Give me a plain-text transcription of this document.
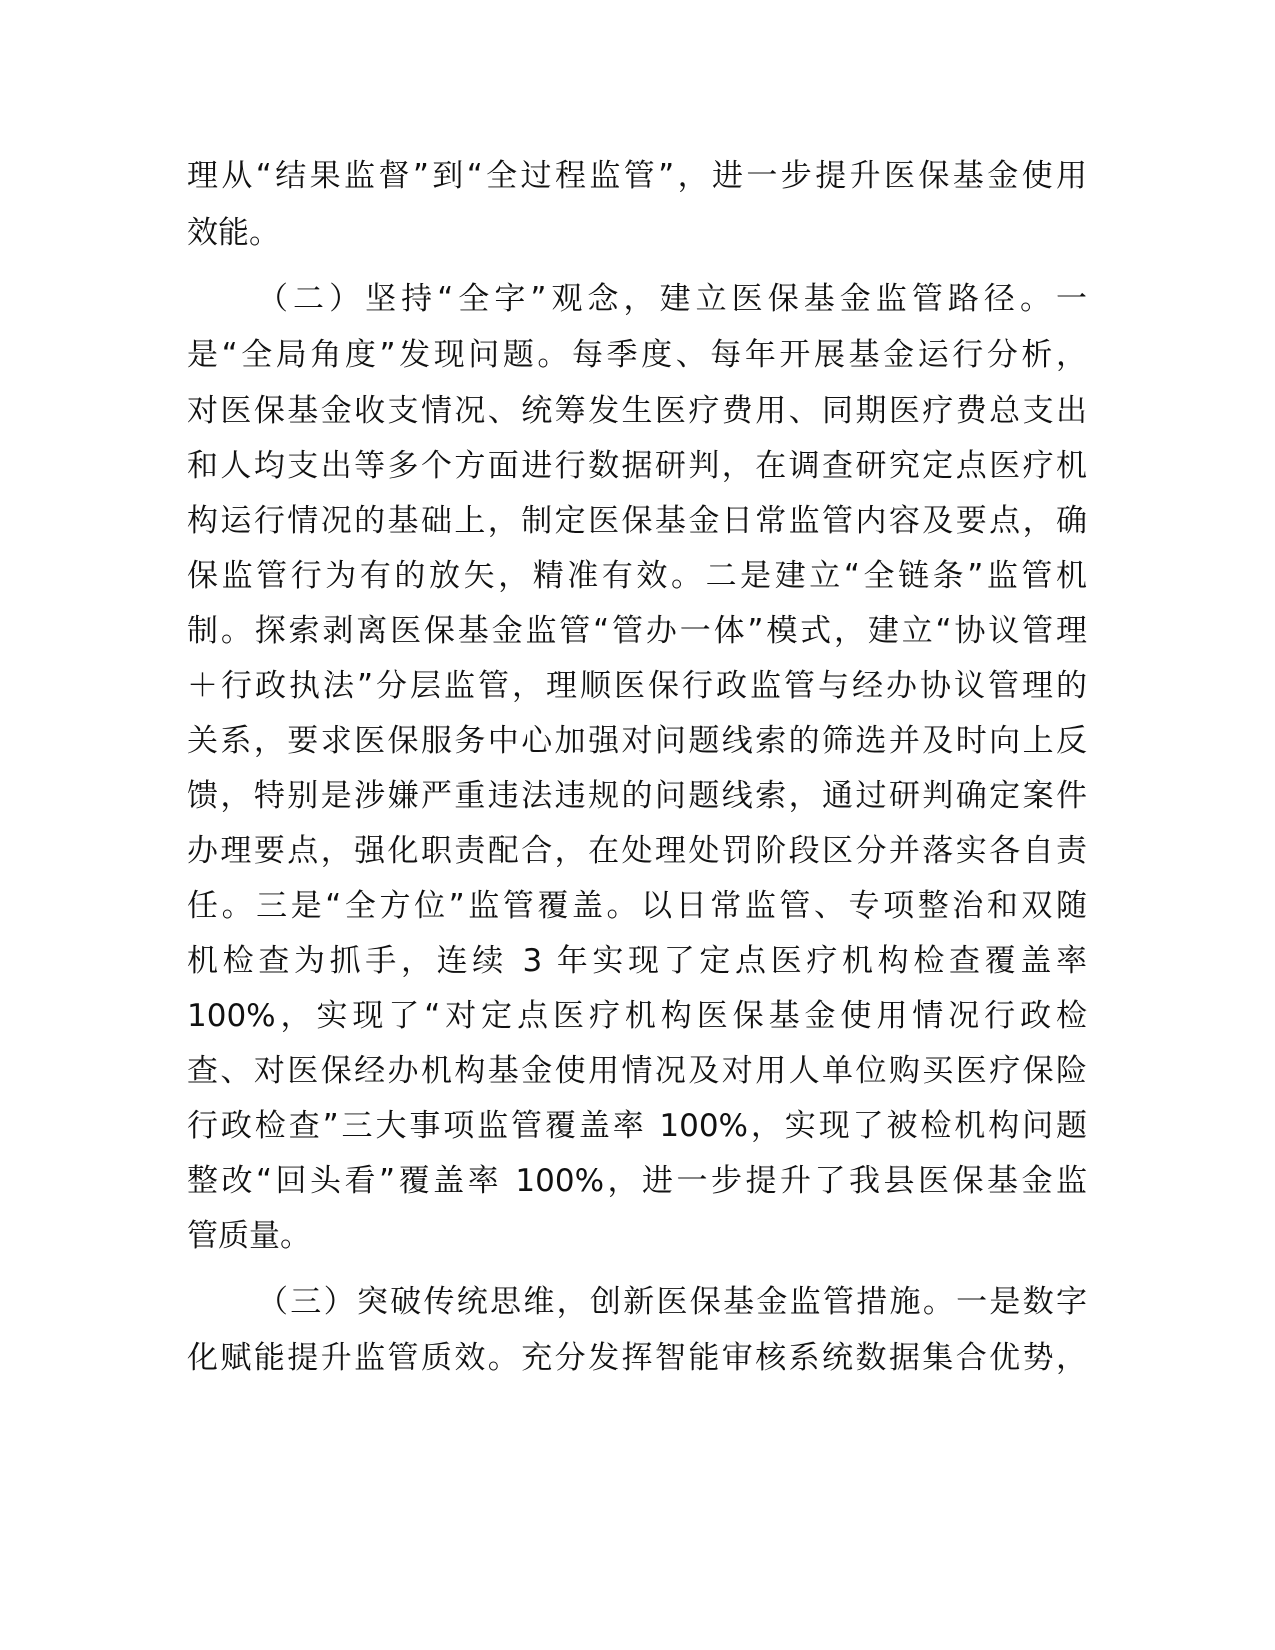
理从“结果监督”到“全过程监管”，进一步提升医保基金使用
效能。
（二）坚持“全字”观念，建立医保基金监管路径。一
是“全局角度”发现问题。每季度、每年开展基金运行分析，
对医保基金收支情况、统筹发生医疗费用、同期医疗费总支出
和人均支出等多个方面进行数据研判，在调查研究定点医疗机
构运行情况的基础上，制定医保基金日常监管内容及要点，确
保监管行为有的放矢，精准有效。二是建立“全链条”监管机
制。探索剥离医保基金监管“管办一体”模式，建立“协议管理
＋行政执法”分层监管，理顺医保行政监管与经办协议管理的
关系，要求医保服务中心加强对问题线索的筛选并及时向上反
馈，特别是涉嫌严重违法违规的问题线索，通过研判确定案件
办理要点，强化职责配合，在处理处罚阶段区分并落实各自责
任。三是“全方位”监管覆盖。以日常监管、专项整治和双随
机检查为抓手，连续 3 年实现了定点医疗机构检查覆盖率
100%，实现了“对定点医疗机构医保基金使用情况行政检
查、对医保经办机构基金使用情况及对用人单位购买医疗保险
行政检查”三大事项监管覆盖率 100%，实现了被检机构问题
整改“回头看”覆盖率 100%，进一步提升了我县医保基金监
管质量。
（三）突破传统思维，创新医保基金监管措施。一是数字
化赋能提升监管质效。充分发挥智能审核系统数据集合优势，
